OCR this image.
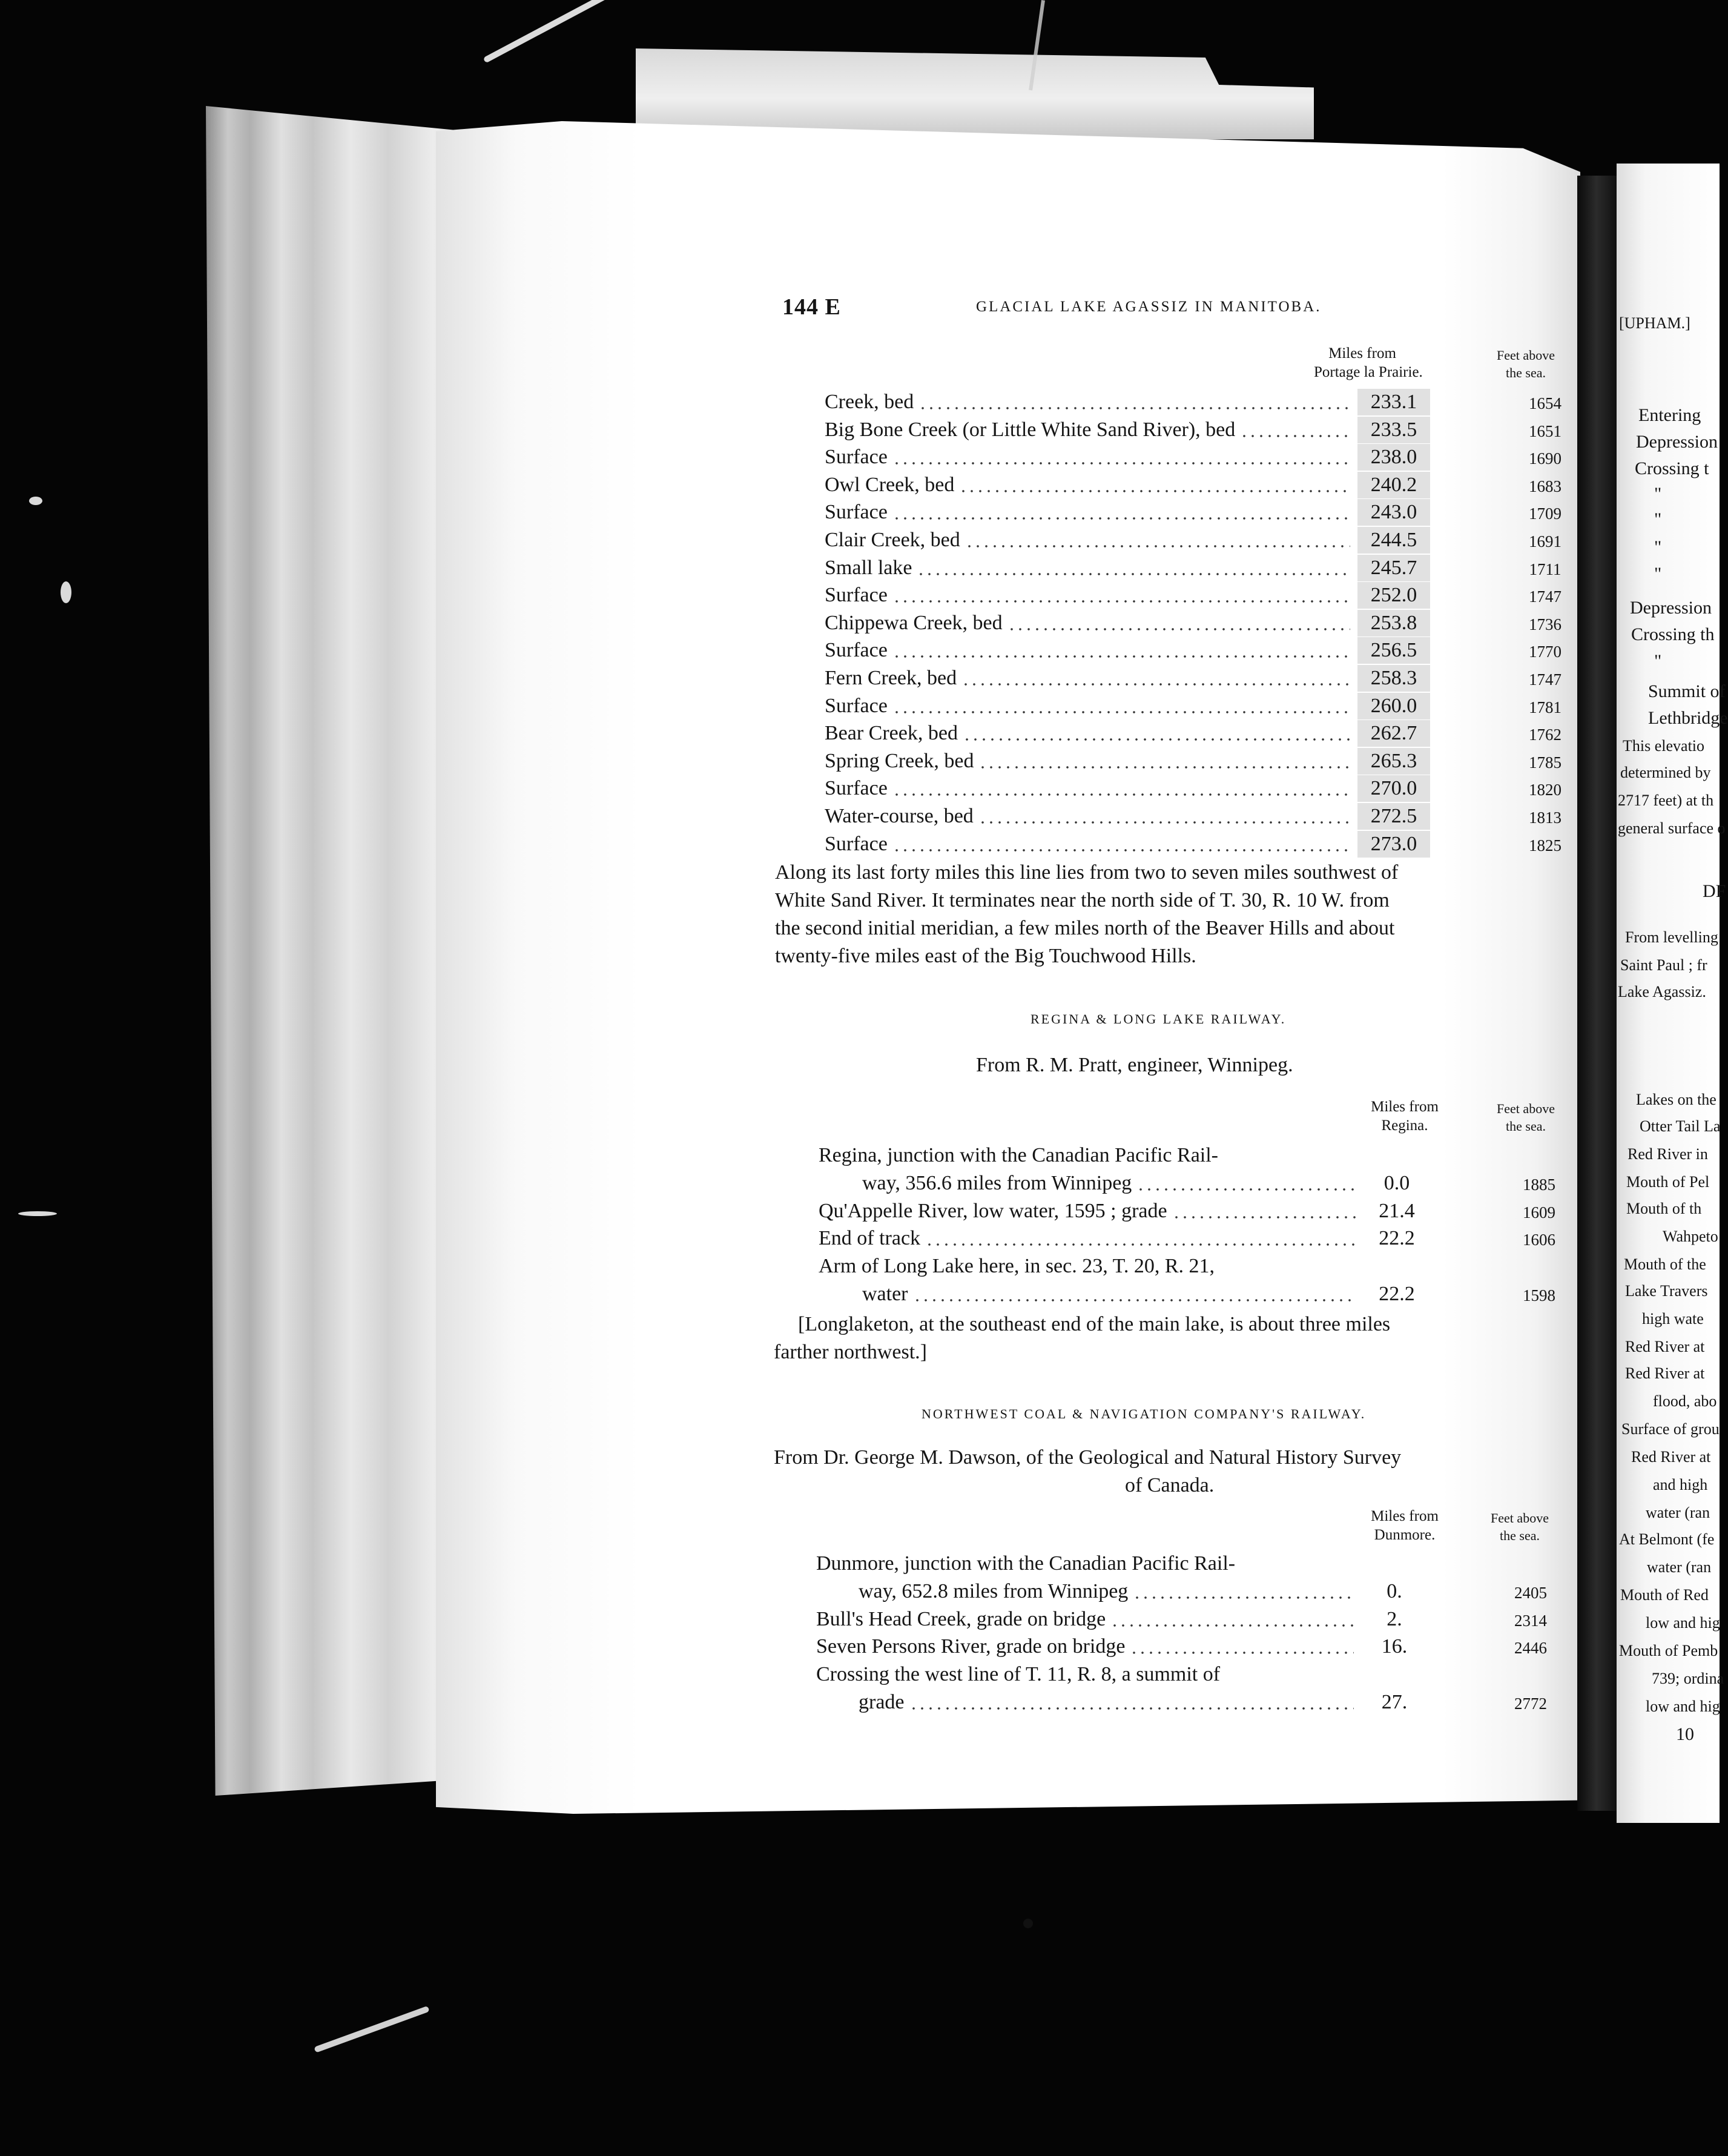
144 E	GLACIAL LAKE AGASSIZ IN MANITOBA.
Miles from
Portage la Prairie.
Feet above
the sea.
Creek, bed	233.1	1654
Big Bone Creek (or Little White Sand River), bed	233.5	1651
Surface	238.0	1690
Owl Creek, bed	240.2	1683
Surface	243.0	1709
Clair Creek, bed	244.5	1691
Small lake	245.7	1711
Surface	252.0	1747
Chippewa Creek, bed	253.8	1736
Surface	256.5	1770
Fern Creek, bed	258.3	1747
Surface	260.0	1781
Bear Creek, bed	262.7	1762
Spring Creek, bed	265.3	1785
Surface	270.0	1820
Water-course, bed	272.5	1813
Surface	273.0	1825
Along its last forty miles this line lies from two to seven miles southwest of
White Sand River. It terminates near the north side of T. 30, R. 10 W. from
the second initial meridian, a few miles north of the Beaver Hills and about
twenty-five miles east of the Big Touchwood Hills.
REGINA & LONG LAKE RAILWAY.
From R. M. Pratt, engineer, Winnipeg.
Miles from
Regina.
Feet above
the sea.
Regina, junction with the Canadian Pacific Rail-
way, 356.6 miles from Winnipeg	0.0	1885
Qu'Appelle River, low water, 1595 ; grade	21.4	1609
End of track	22.2	1606
Arm of Long Lake here, in sec. 23, T. 20, R. 21,
water	22.2	1598
[Longlaketon, at the southeast end of the main lake, is about three miles
farther northwest.]
NORTHWEST COAL & NAVIGATION COMPANY'S RAILWAY.
From Dr. George M. Dawson, of the Geological and Natural History Survey
of Canada.
Miles from
Dunmore.
Feet above
the sea.
Dunmore, junction with the Canadian Pacific Rail-
way, 652.8 miles from Winnipeg	0.	2405
Bull's Head Creek, grade on bridge	2.	2314
Seven Persons River, grade on bridge	16.	2446
Crossing the west line of T. 11, R. 8, a summit of
grade	27.	2772
[UPHAM.]
Entering
Depression
Crossing t
"
"
"
"
Depression
Crossing th
"
Summit of
Lethbridge
This elevatio
determined by
2717 feet) at th
general surface o
DF
From levelling
Saint Paul ; fr
Lake Agassiz.
Lakes on the
Otter Tail La
Red River in
Mouth of Pel
Mouth of th
Wahpeto
Mouth of the
Lake Travers
high wate
Red River at
Red River at
flood, abo
Surface of grou
Red River at
and high
water (ran
At Belmont (fe
water (ran
Mouth of Red
low and hig
Mouth of Pemb
739; ordina
low and hig
10
